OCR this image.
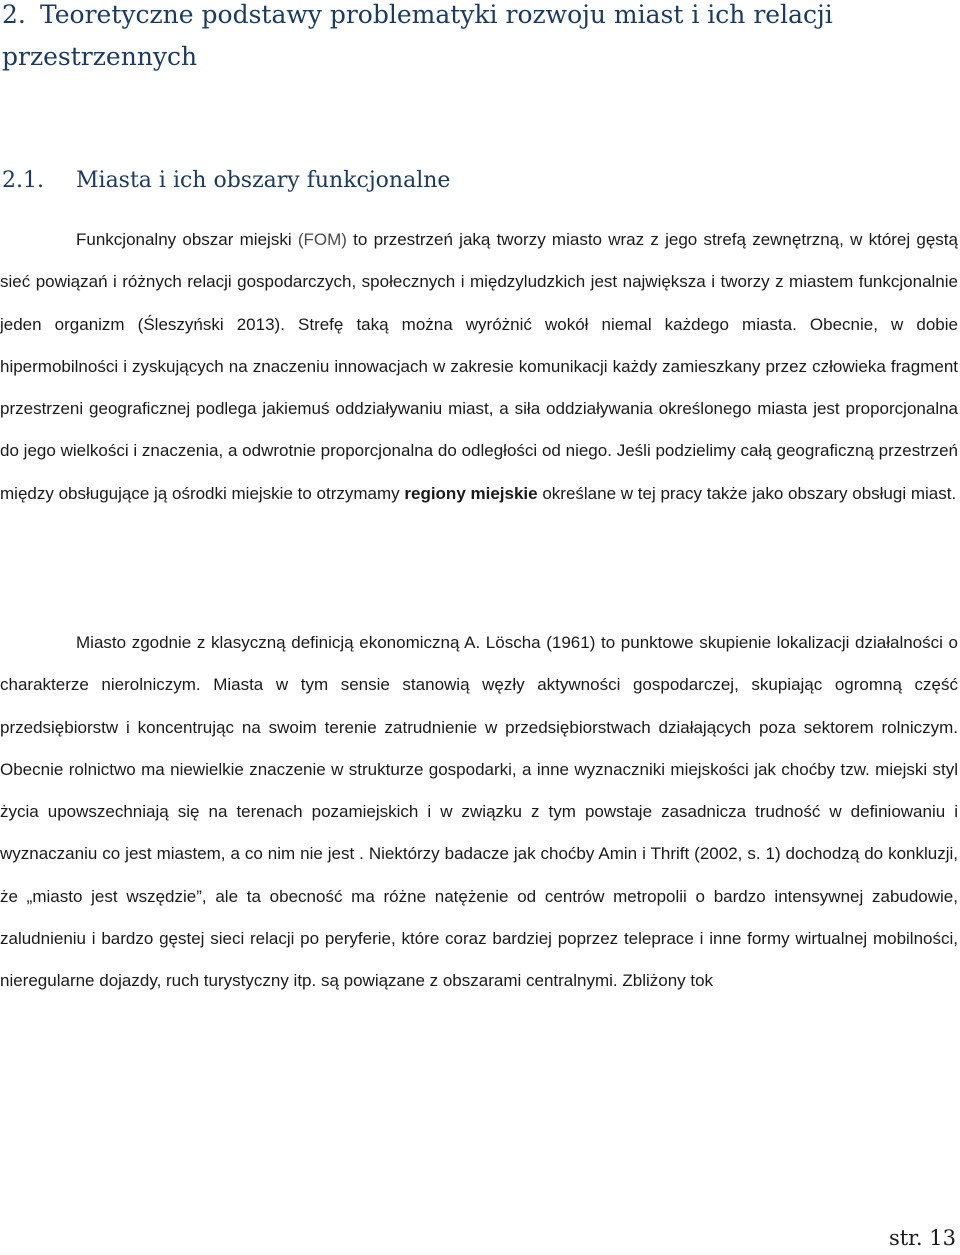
2. Teoretyczne podstawy problematyki rozwoju miast i ich relacji przestrzennych
2.1. Miasta i ich obszary funkcjonalne

Funkcjonalny obszar miejski (FOM) to przestrzeń jaką tworzy miasto wraz z jego strefą zewnętrzną, w której gęstą sieć powiązań i różnych relacji gospodarczych, społecznych i międzyludzkich jest największa i tworzy z miastem funkcjonalnie jeden organizm (Śleszyński 2013). Strefę taką można wyróżnić wokół niemal każdego miasta. Obecnie, w dobie hipermobilności i zyskujących na znaczeniu innowacjach w zakresie komunikacji każdy zamieszkany przez człowieka fragment przestrzeni geograficznej podlega jakiemuś oddziaływaniu miast, a siła oddziaływania określonego miasta jest proporcjonalna do jego wielkości i znaczenia, a odwrotnie proporcjonalna do odległości od niego. Jeśli podzielimy całą geograficzną przestrzeń między obsługujące ją ośrodki miejskie to otrzymamy regiony miejskie określane w tej pracy także jako obszary obsługi miast.

Miasto zgodnie z klasyczną definicją ekonomiczną A. Löscha (1961) to punktowe skupienie lokalizacji działalności o charakterze nierolniczym. Miasta w tym sensie stanowią węzły aktywności gospodarczej, skupiając ogromną część przedsiębiorstw i koncentrując na swoim terenie zatrudnienie w przedsiębiorstwach działających poza sektorem rolniczym. Obecnie rolnictwo ma niewielkie znaczenie w strukturze gospodarki, a inne wyznaczniki miejskości jak choćby tzw. miejski styl życia upowszechniają się na terenach pozamiejskich i w związku z tym powstaje zasadnicza trudność w definiowaniu i wyznaczaniu co jest miastem, a co nim nie jest . Niektórzy badacze jak choćby Amin i Thrift (2002, s. 1) dochodzą do konkluzji, że „miasto jest wszędzie”, ale ta obecność ma różne natężenie od centrów metropolii o bardzo intensywnej zabudowie, zaludnieniu i bardzo gęstej sieci relacji po peryferie, które coraz bardziej poprzez teleprace i inne formy wirtualnej mobilności, nieregularne dojazdy, ruch turystyczny itp. są powiązane z obszarami centralnymi. Zbliżony tok

str. 13
